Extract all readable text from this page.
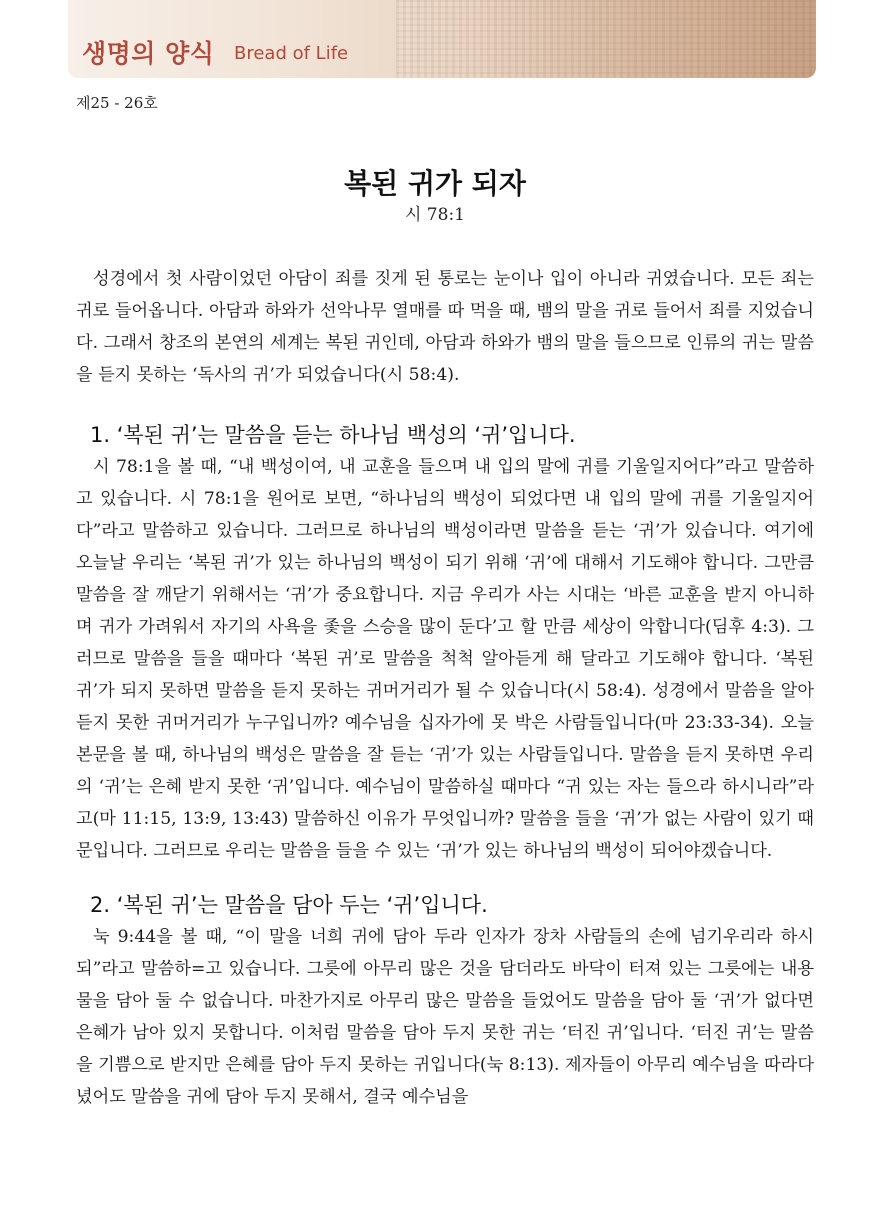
생명의 양식 Bread of Life
제25 - 26호
복된 귀가 되자
시 78:1

성경에서 첫 사람이었던 아담이 죄를 짓게 된 통로는 눈이나 입이 아니라 귀였습니다. 모든 죄는 귀로 들어옵니다. 아담과 하와가 선악나무 열매를 따 먹을 때, 뱀의 말을 귀로 들어서 죄를 지었습니다. 그래서 창조의 본연의 세계는 복된 귀인데, 아담과 하와가 뱀의 말을 들으므로 인류의 귀는 말씀을 듣지 못하는 ‘독사의 귀’가 되었습니다(시 58:4).

1. ‘복된 귀’는 말씀을 듣는 하나님 백성의 ‘귀’입니다.

시 78:1을 볼 때, “내 백성이여, 내 교훈을 들으며 내 입의 말에 귀를 기울일지어다”라고 말씀하고 있습니다. 시 78:1을 원어로 보면, “하나님의 백성이 되었다면 내 입의 말에 귀를 기울일지어다”라고 말씀하고 있습니다. 그러므로 하나님의 백성이라면 말씀을 듣는 ‘귀’가 있습니다. 여기에 오늘날 우리는 ‘복된 귀’가 있는 하나님의 백성이 되기 위해 ‘귀’에 대해서 기도해야 합니다. 그만큼 말씀을 잘 깨닫기 위해서는 ‘귀’가 중요합니다. 지금 우리가 사는 시대는 ‘바른 교훈을 받지 아니하며 귀가 가려워서 자기의 사욕을 좇을 스승을 많이 둔다’고 할 만큼 세상이 악합니다(딤후 4:3). 그러므로 말씀을 들을 때마다 ‘복된 귀’로 말씀을 척척 알아듣게 해 달라고 기도해야 합니다. ‘복된 귀’가 되지 못하면 말씀을 듣지 못하는 귀머거리가 될 수 있습니다(시 58:4). 성경에서 말씀을 알아듣지 못한 귀머거리가 누구입니까? 예수님을 십자가에 못 박은 사람들입니다(마 23:33-34). 오늘 본문을 볼 때, 하나님의 백성은 말씀을 잘 듣는 ‘귀’가 있는 사람들입니다. 말씀을 듣지 못하면 우리의 ‘귀’는 은혜 받지 못한 ‘귀’입니다. 예수님이 말씀하실 때마다 “귀 있는 자는 들으라 하시니라”라고(마 11:15, 13:9, 13:43) 말씀하신 이유가 무엇입니까? 말씀을 들을 ‘귀’가 없는 사람이 있기 때문입니다. 그러므로 우리는 말씀을 들을 수 있는 ‘귀’가 있는 하나님의 백성이 되어야겠습니다.

2. ‘복된 귀’는 말씀을 담아 두는 ‘귀’입니다.

눅 9:44을 볼 때, “이 말을 너희 귀에 담아 두라 인자가 장차 사람들의 손에 넘기우리라 하시되”라고 말씀하=고 있습니다. 그릇에 아무리 많은 것을 담더라도 바닥이 터져 있는 그릇에는 내용물을 담아 둘 수 없습니다. 마찬가지로 아무리 많은 말씀을 들었어도 말씀을 담아 둘 ‘귀’가 없다면 은혜가 남아 있지 못합니다. 이처럼 말씀을 담아 두지 못한 귀는 ‘터진 귀’입니다. ‘터진 귀’는 말씀을 기쁨으로 받지만 은혜를 담아 두지 못하는 귀입니다(눅 8:13). 제자들이 아무리 예수님을 따라다녔어도 말씀을 귀에 담아 두지 못해서, 결국 예수님을
